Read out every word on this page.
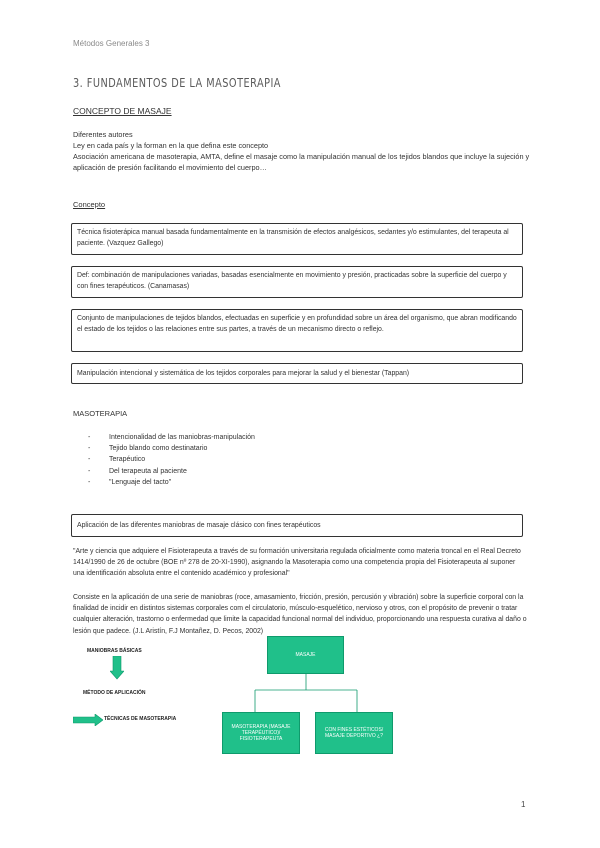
Métodos Generales 3
3. FUNDAMENTOS DE LA MASOTERAPIA
CONCEPTO DE MASAJE

Diferentes autores

Ley en cada país y la forman en la que defina este concepto

Asociación americana de masoterapia, AMTA, define el masaje como la manipulación manual de los tejidos blandos que incluye la sujeción y aplicación de presión facilitando el movimiento del cuerpo…

Concepto
Técnica fisioterápica manual basada fundamentalmente en la transmisión de efectos analgésicos, sedantes y/o estimulantes, del terapeuta al paciente. (Vazquez Gallego)
Def: combinación de manipulaciones variadas, basadas esencialmente en movimiento y presión, practicadas sobre la superficie del cuerpo y con fines terapéuticos. (Canamasas)
Conjunto de manipulaciones de tejidos blandos, efectuadas en superficie y en profundidad sobre un área del organismo, que abran modificando el estado de los tejidos o las relaciones entre sus partes, a través de un mecanismo directo o reflejo.
Manipulación intencional y sistemática de los tejidos corporales para mejorar la salud y el bienestar (Tappan)
MASOTERAPIA
-	Intencionalidad de las maniobras-manipulación
-	Tejido blando como destinatario
-	Terapéutico
-	Del terapeuta al paciente
-	"Lenguaje del tacto"
Aplicación de las diferentes maniobras de masaje clásico con fines terapéuticos

"Arte y ciencia que adquiere el Fisioterapeuta a través de su formación universitaria regulada oficialmente como materia troncal en el Real Decreto 1414/1990 de 26 de octubre (BOE nº 278 de 20-XI-1990), asignando la Masoterapia como una competencia propia del Fisioterapeuta al suponer una identificación absoluta entre el contenido académico y profesional"

Consiste en la aplicación de una serie de maniobras (roce, amasamiento, fricción, presión, percusión y vibración) sobre la superficie corporal con la finalidad de incidir en distintos sistemas corporales com el circulatorio, músculo-esquelético, nervioso y otros, con el propósito de prevenir o tratar cualquier alteración, trastorno o enfermedad que limite la capacidad funcional normal del individuo, proporcionando una respuesta curativa al daño o lesión que padece. (J.L Aristín, F.J Montañez, D. Pecos, 2002)

MANIOBRAS BÁSICAS
MÉTODO DE APLICACIÓN
TÉCNICAS DE MASOTERAPIA
MASAJE
MASOTERAPIA (MASAJE TERAPÉUTICO)/ FISIOTERAPEUTA
CON FINES ESTÉTICOS/ MASAJE DEPORTIVO ¿?
1
